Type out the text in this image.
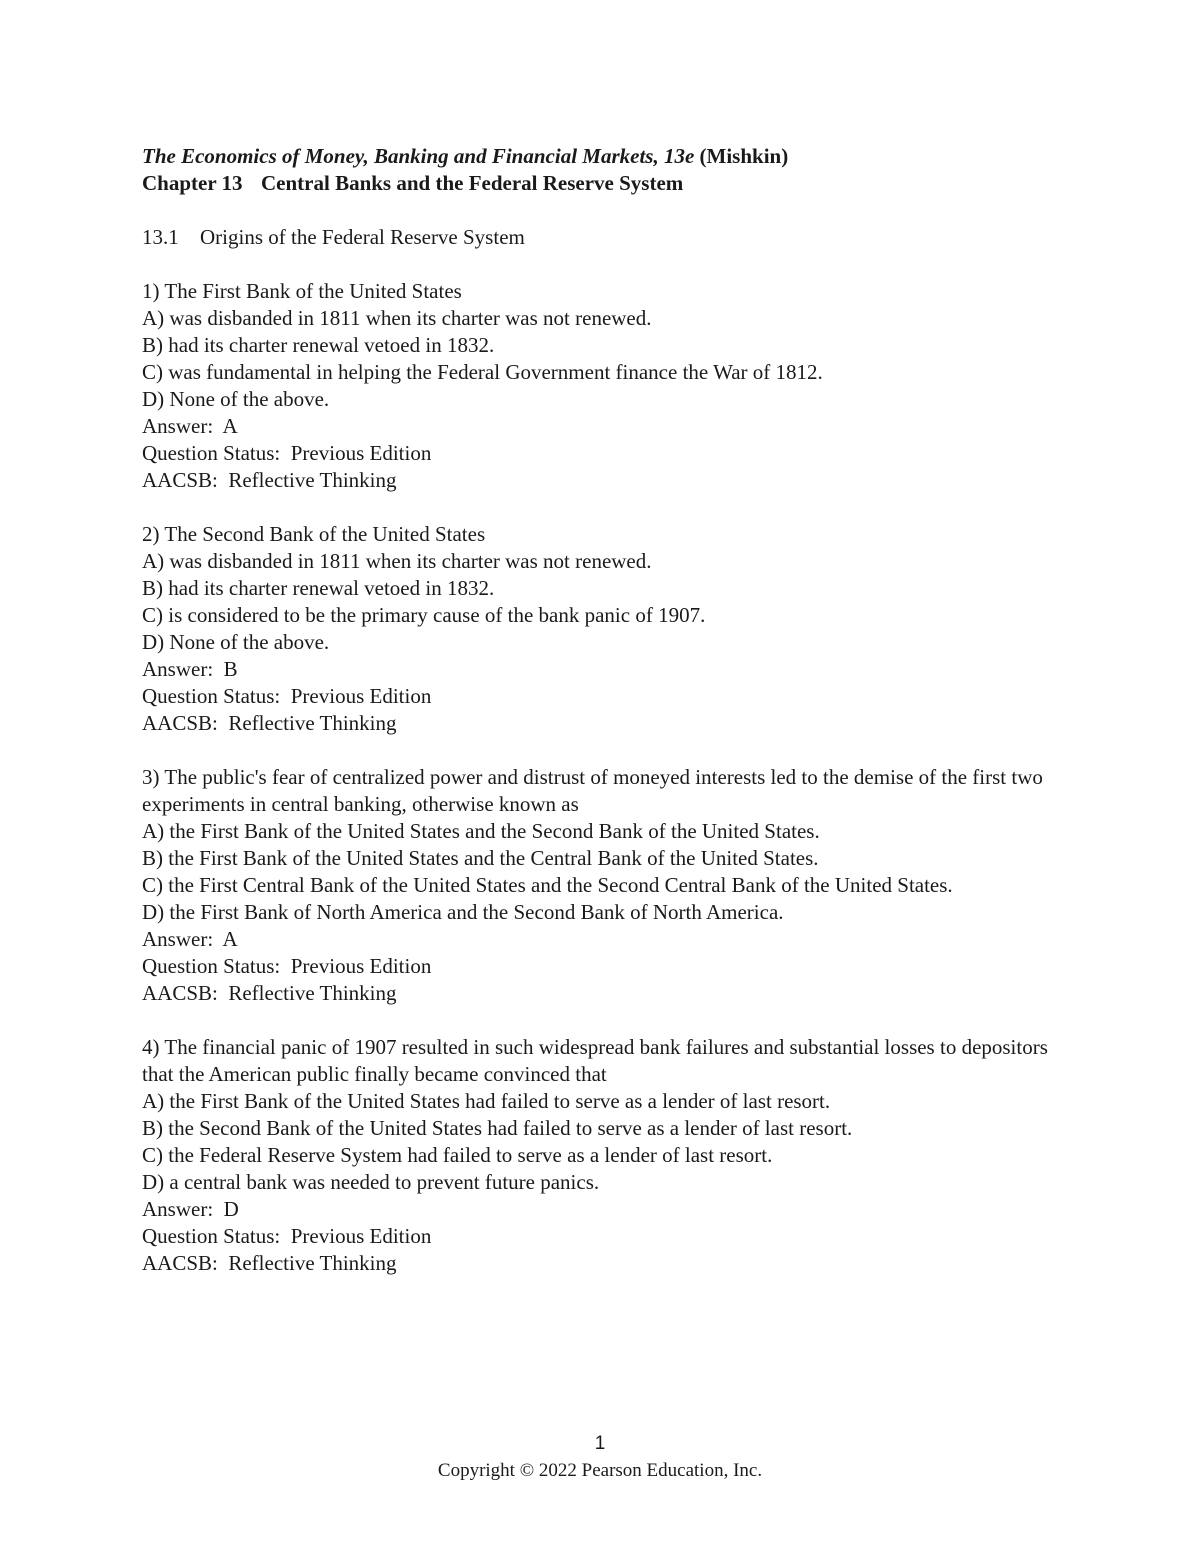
The Economics of Money, Banking and Financial Markets, 13e (Mishkin)
Chapter 13 Central Banks and the Federal Reserve System
13.1 Origins of the Federal Reserve System
1) The First Bank of the United States
A) was disbanded in 1811 when its charter was not renewed.
B) had its charter renewal vetoed in 1832.
C) was fundamental in helping the Federal Government finance the War of 1812.
D) None of the above.
Answer:  A
Question Status:  Previous Edition
AACSB:  Reflective Thinking
2) The Second Bank of the United States
A) was disbanded in 1811 when its charter was not renewed.
B) had its charter renewal vetoed in 1832.
C) is considered to be the primary cause of the bank panic of 1907.
D) None of the above.
Answer:  B
Question Status:  Previous Edition
AACSB:  Reflective Thinking
3) The public's fear of centralized power and distrust of moneyed interests led to the demise of the first two experiments in central banking, otherwise known as
A) the First Bank of the United States and the Second Bank of the United States.
B) the First Bank of the United States and the Central Bank of the United States.
C) the First Central Bank of the United States and the Second Central Bank of the United States.
D) the First Bank of North America and the Second Bank of North America.
Answer:  A
Question Status:  Previous Edition
AACSB:  Reflective Thinking
4) The financial panic of 1907 resulted in such widespread bank failures and substantial losses to depositors that the American public finally became convinced that
A) the First Bank of the United States had failed to serve as a lender of last resort.
B) the Second Bank of the United States had failed to serve as a lender of last resort.
C) the Federal Reserve System had failed to serve as a lender of last resort.
D) a central bank was needed to prevent future panics.
Answer:  D
Question Status:  Previous Edition
AACSB:  Reflective Thinking
1
Copyright © 2022 Pearson Education, Inc.
